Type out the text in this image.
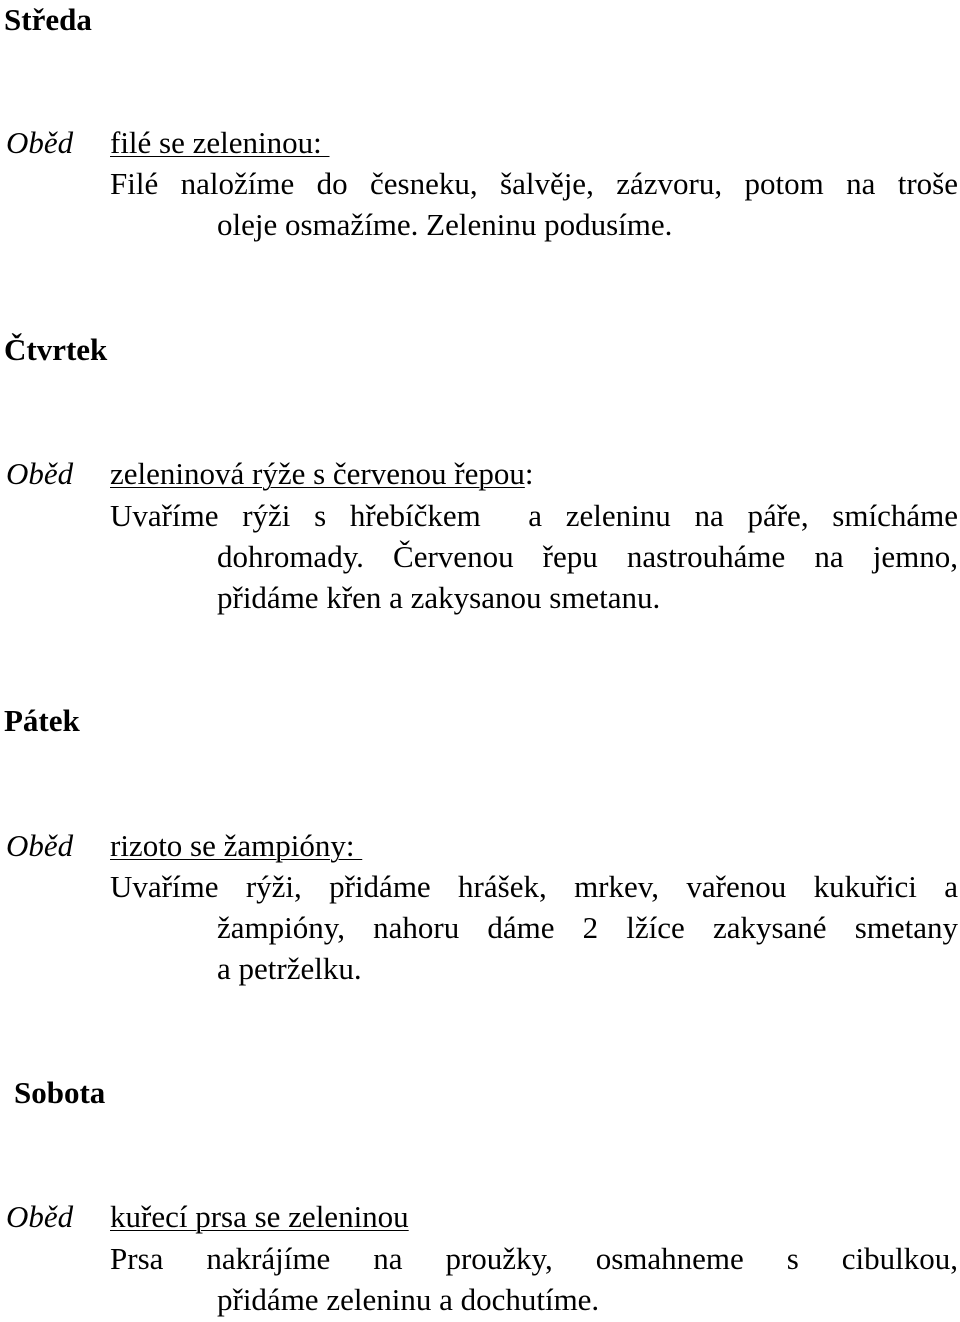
Středa
Oběd filé se zeleninou:
Filé naložíme do česneku, šalvěje, zázvoru, potom na troše
oleje osmažíme. Zeleninu podusíme.
Čtvrtek
Oběd zeleninová rýže s červenou řepou:
Uvaříme rýži s hřebíčkem  a zeleninu na páře, smícháme
dohromady. Červenou řepu nastrouháme na jemno,
přidáme křen a zakysanou smetanu.
Pátek
Oběd rizoto se žampióny:
Uvaříme rýži, přidáme hrášek, mrkev, vařenou kukuřici a
žampióny, nahoru dáme 2 lžíce zakysané smetany
a petrželku.
Sobota
Oběd kuřecí prsa se zeleninou
Prsa nakrájíme na proužky, osmahneme s cibulkou,
přidáme zeleninu a dochutíme.
